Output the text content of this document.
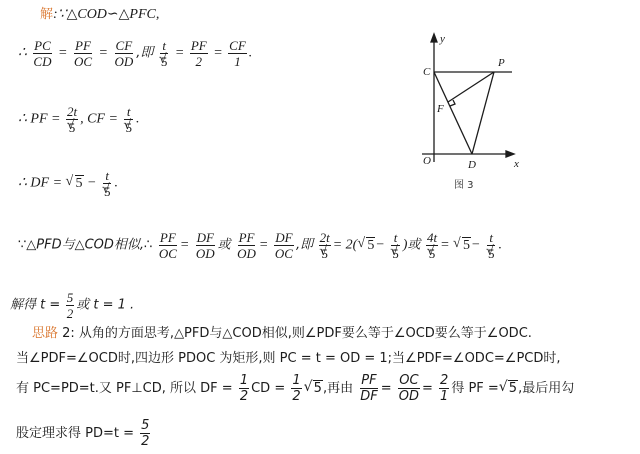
解:∵△COD∽△PFC,
∴ $\frac{PC}{CD} = \frac{PF}{OC} = \frac{CF}{OD}$ ,即 t
√ $5 = \frac{PF}{2} = \frac{CF}{1}$ .
∴ PF = 2t
√ 5 , CF = t
√ 5 .
∴ DF = √ 5 − t
√ 5 .
∵△PFD与△COD相似,∴ $\frac{PF}{OC} = \frac{DF}{OD}$ 或 $\frac{PF}{OD} = \frac{DF}{OC}$ ,即 2t
√ 5 = 2( √ 5− t
√ 5 )或 4t
√ 5 = √ 5− t
√ 5 .
解得 $t = \frac{5}{2}$ 或 t = 1 .
思路 2: 从角的方面思考,△PFD与△COD相似,则∠PDF要么等于∠OCD要么等于∠ODC.
当∠PDF=∠OCD时,四边形 PDOC 为矩形,则 PC = t = OD = 1;当∠PDF=∠ODC=∠PCD时,
有 PC=PD=t.又 PF⊥CD, 所以 DF = $\frac{1}{2}$ CD = $\frac{1}{2}$ √ 5,再由 $\frac{PF}{DF} = \frac{OC}{OD} = \frac{2}{1}$ 得 PF = √ 5,最后用勾
股定理求得 $PD=t = \frac{5}{2}$
y
x
C
P
F
O	D
图 3
